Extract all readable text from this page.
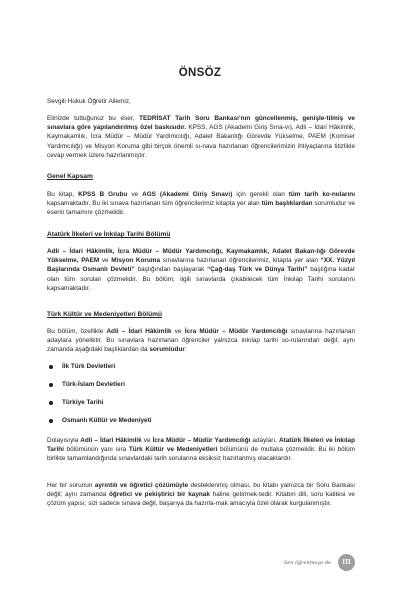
ÖNSÖZ

Sevgili Hukuk Öğretir Ailemiz,

Elinizde tuttuğunuz bu eser, TEDRİSAT Tarih Soru Bankası’nın güncellenmiş, genişle-tilmiş ve sınavlara göre yapılandırılmış özel baskısıdır. KPSS, AGS (Akademi Giriş Sına-vı), Adli – İdari Hâkimlik, Kaymakamlık, İcra Müdür – Müdür Yardımcılığı, Adalet Bakanlığı Görevde Yükselme, PAEM (Komiser Yardımcılığı) ve Misyon Koruma gibi birçok önemli sı-nava hazırlanan öğrencilerimizin ihtiyaçlarına titizlikle cevap vermek üzere hazırlanmıştır.

Genel Kapsam

Bu kitap, KPSS B Grubu ve AGS (Akademi Giriş Sınavı) için gerekli olan tüm tarih ko-nularını kapsamaktadır. Bu iki sınava hazırlanan tüm öğrencilerimiz kitapta yer alan tüm başlıklardan sorumludur ve eserin tamamını çözmelidir.

Atatürk İlkeleri ve İnkılap Tarihi Bölümü

Adli – İdari Hâkimlik, İcra Müdür – Müdür Yardımcılığı, Kaymakamlık, Adalet Bakan-lığı Görevde Yükselme, PAEM ve Misyon Koruma sınavlarına hazırlanan öğrencilerimiz, kitapta yer alan “XX. Yüzyıl Başlarında Osmanlı Devleti” başlığından başlayarak “Çağ-daş Türk ve Dünya Tarihi” başlığına kadar olan tüm soruları çözmelidir. Bu bölüm, ilgili sınavlarda çıkabilecek tüm İnkılap Tarihi sorularını kapsamaktadır.

Türk Kültür ve Medeniyetleri Bölümü

Bu bölüm, özellikle Adli – İdari Hâkimlik ve İcra Müdür – Müdür Yardımcılığı sınavlarına hazırlanan adaylara yöneliktir. Bu sınavlara hazırlanan öğrenciler yalnızca inkılap tarihi so-rularından değil; aynı zamanda aşağıdaki başlıklardan da sorumludur:

İlk Türk Devletleri
Türk-İslam Devletleri
Türkiye Tarihi
Osmanlı Kültür ve Medeniyeti

Dolayısıyla Adli – İdari Hâkimlik ve İcra Müdür – Müdür Yardımcılığı adayları, Atatürk İlkeleri ve İnkılap Tarihi bölümünün yanı sıra Türk Kültür ve Medeniyetleri bölümünü de mutlaka çözmelidir. Bu iki bölüm birlikte tamamlandığında sınavlardaki tarih sorularına eksiksiz hazırlanmış olacaklardır.

Her bir sorunun ayrıntılı ve öğretici çözümüyle desteklenmiş olması, bu kitabı yalnızca bir Soru Bankası değil; aynı zamanda öğretici ve pekiştirici bir kaynak haline getirmek-tedir. Kitabın dili, soru kalitesi ve çözüm yapısı; sizi sadece sınava değil, başarıya da hazırla-mak amacıyla özel olarak kurgulanmıştır.

Sen öğrenmeye de	III
